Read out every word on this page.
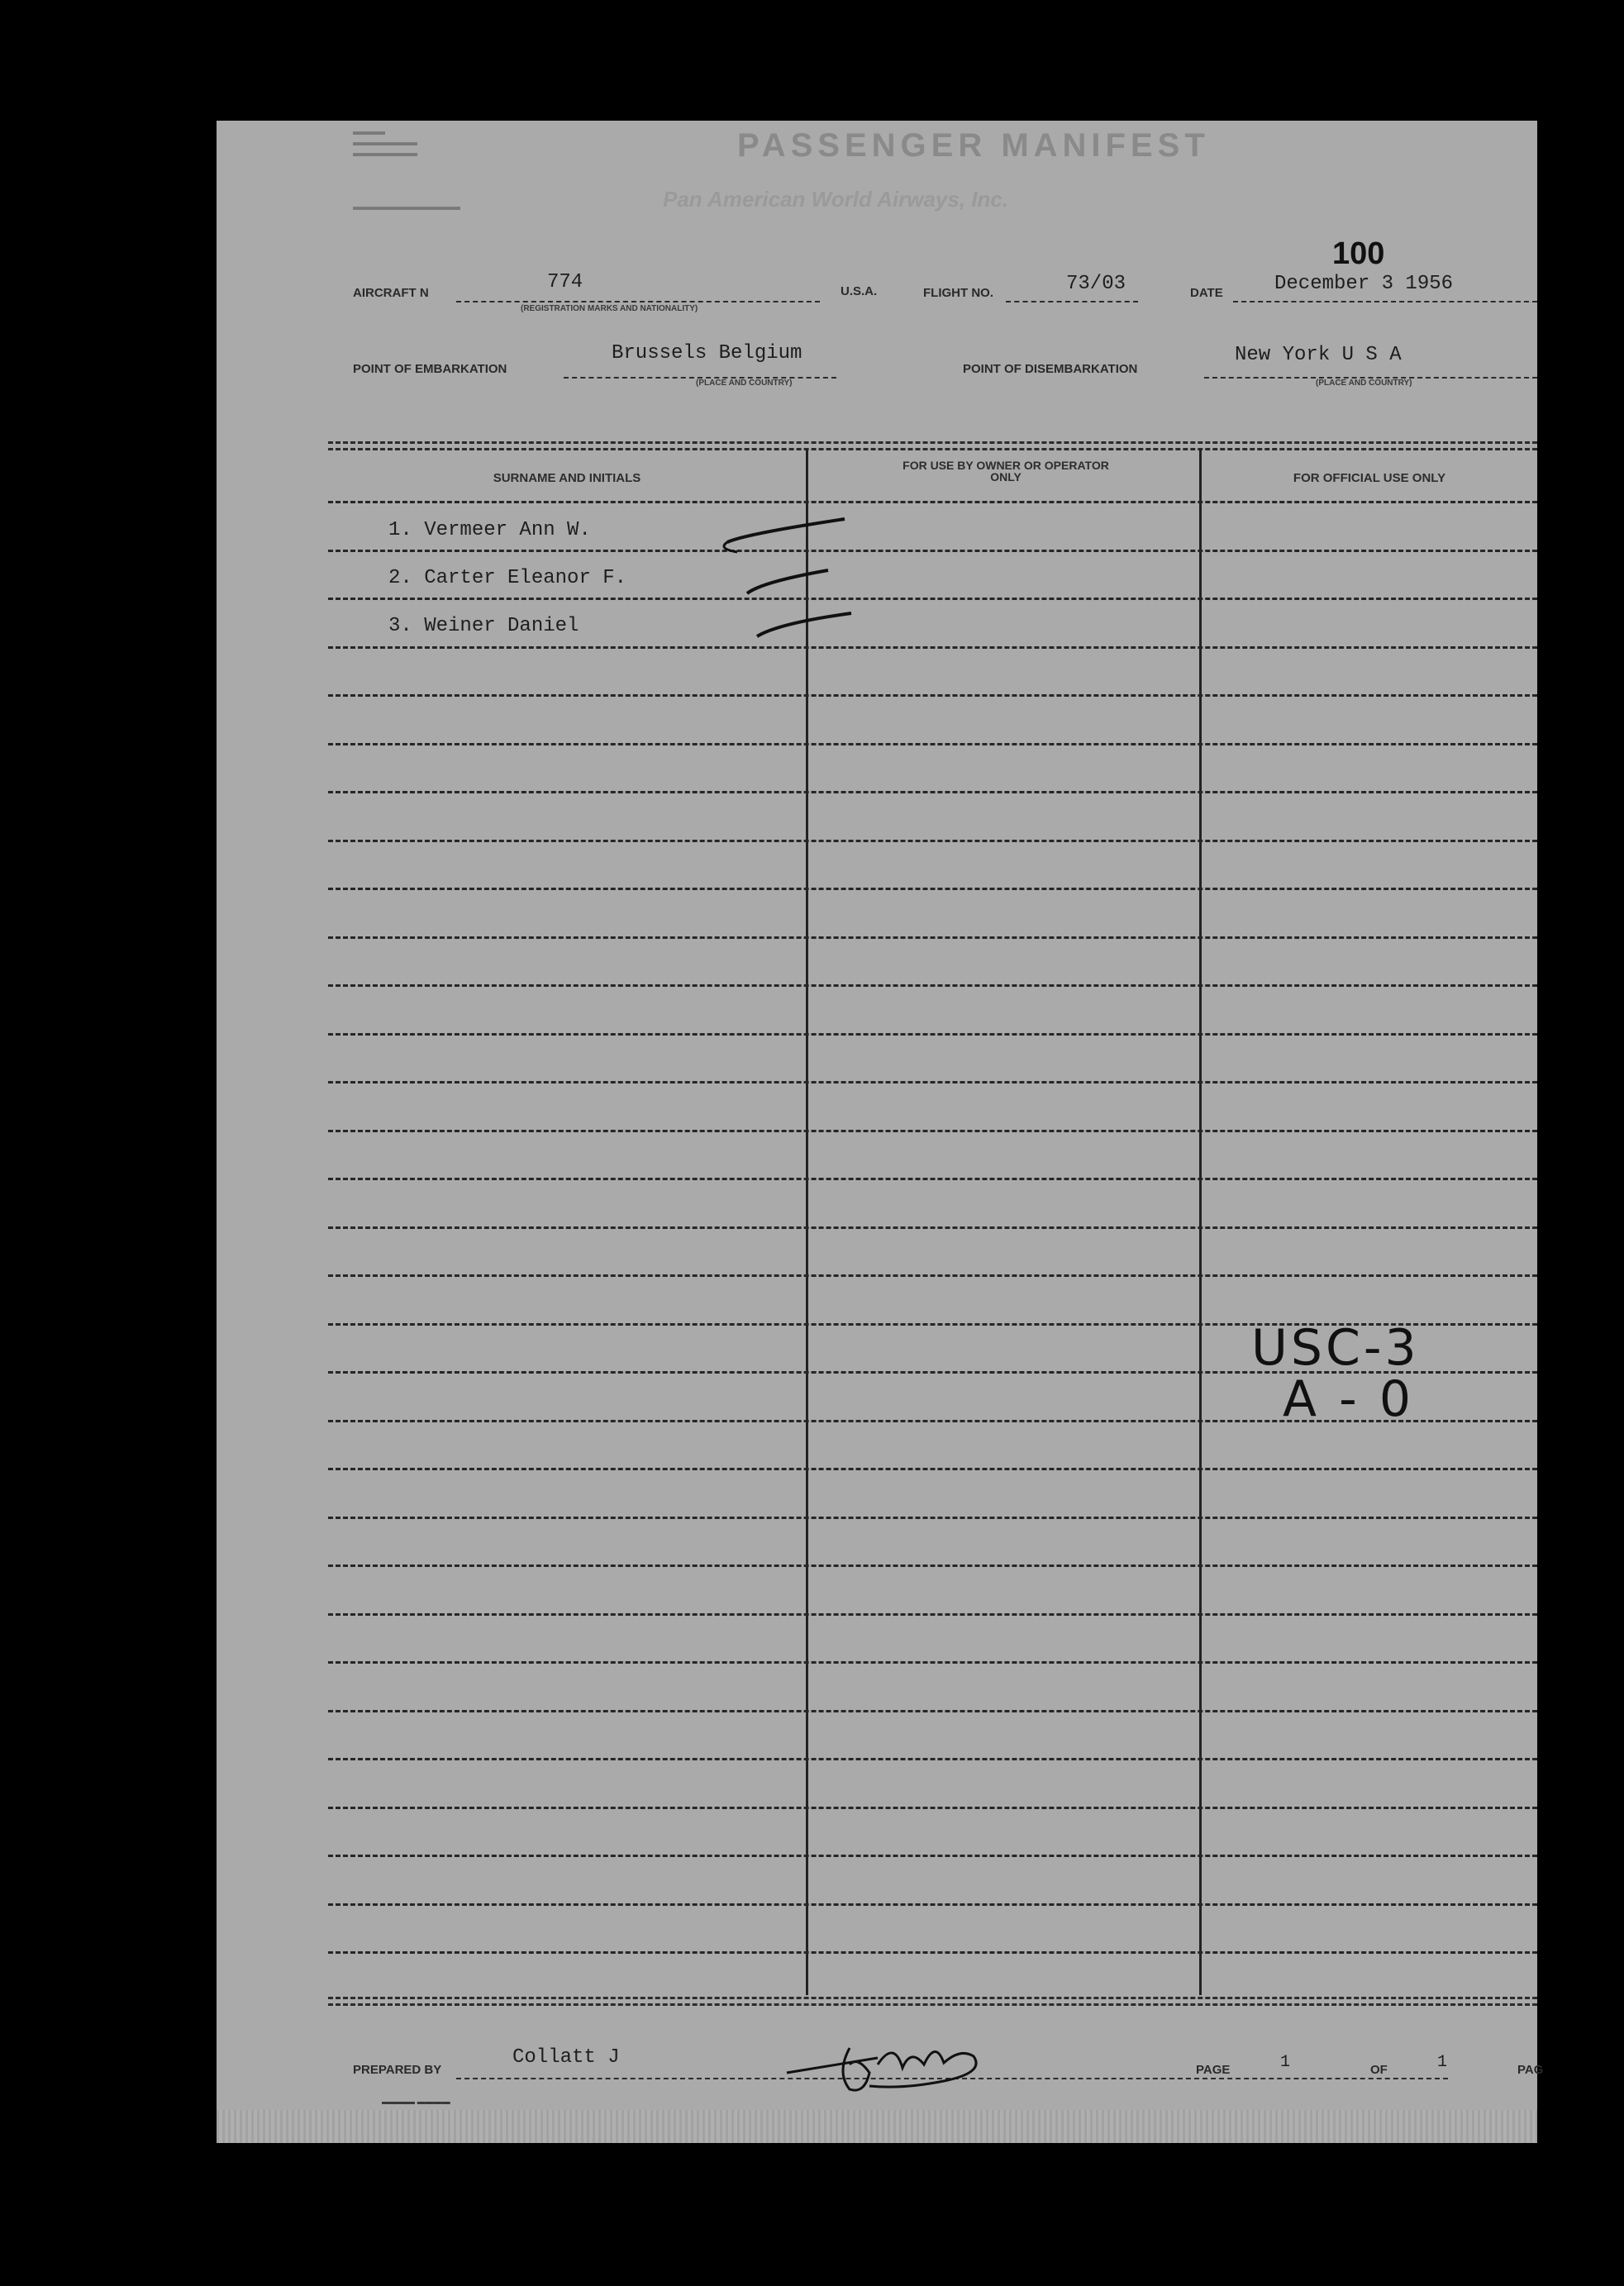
▬▬▬
▬▬▬▬▬▬
▬▬▬▬▬▬
▬▬▬▬▬▬▬▬▬▬
PASSENGER MANIFEST
Pan American World Airways, Inc.
100
AIRCRAFT N	774
(REGISTRATION MARKS AND NATIONALITY)
U.S.A.	FLIGHT NO.	73/03	DATE	December 3 1956
POINT OF EMBARKATION
Brussels Belgium
(PLACE AND COUNTRY)
POINT OF DISEMBARKATION
New York U S A
(PLACE AND COUNTRY)
SURNAME AND INITIALS
FOR USE BY OWNER OR OPERATOR ONLY	FOR OFFICIAL USE ONLY
1. Vermeer Ann W.
2. Carter Eleanor F.
3. Weiner Daniel
USC-3
A - 0
PREPARED BY
Collatt J
PAGE	1	OF	1	PAG
▬▬▬▬ ▬▬▬▬
